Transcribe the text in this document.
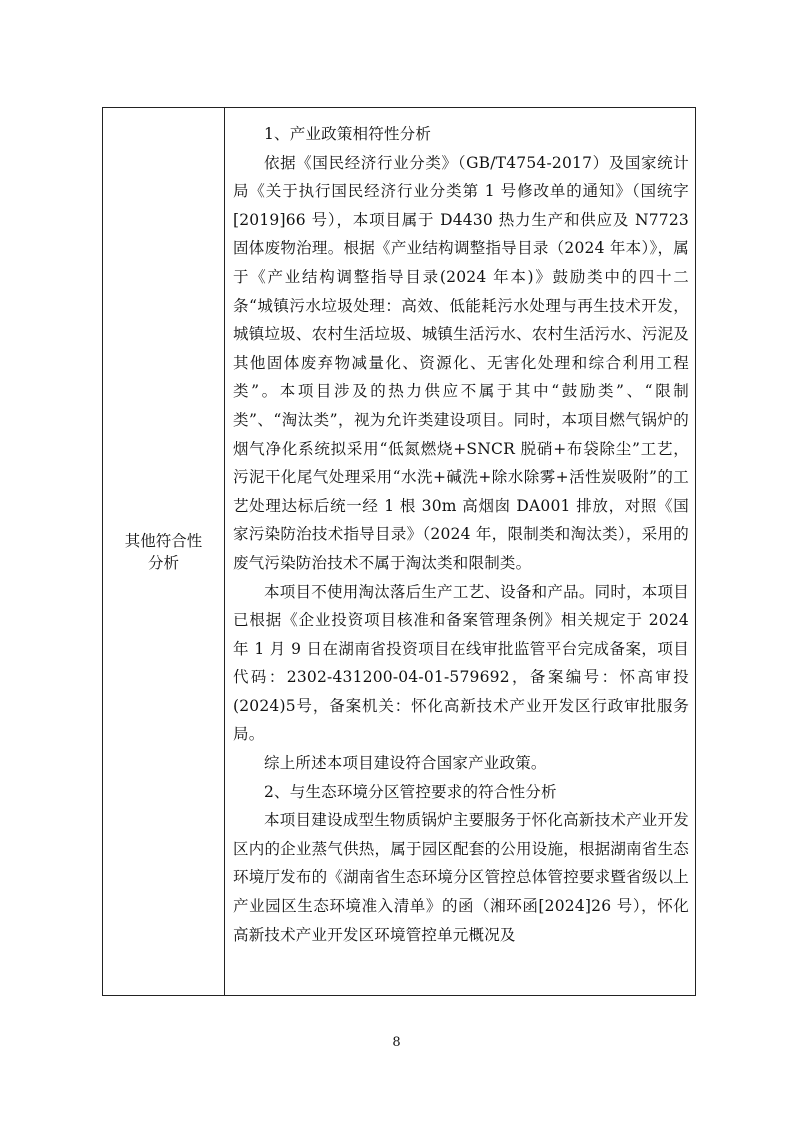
其他符合性
分析

1、产业政策相符性分析

依据《国民经济行业分类》（GB/T4754-2017）及国家统计局《关于执行国民经济行业分类第 1 号修改单的通知》（国统字[2019]66 号），本项目属于 D4430 热力生产和供应及 N7723 固体废物治理。根据《产业结构调整指导目录（2024 年本）》，属于《产业结构调整指导目录(2024 年本)》鼓励类中的四十二条“城镇污水垃圾处理：高效、低能耗污水处理与再生技术开发，城镇垃圾、农村生活垃圾、城镇生活污水、农村生活污水、污泥及其他固体废弃物减量化、资源化、无害化处理和综合利用工程类”。本项目涉及的热力供应不属于其中“鼓励类”、“限制类”、“淘汰类”，视为允许类建设项目。同时，本项目燃气锅炉的烟气净化系统拟采用“低氮燃烧+SNCR 脱硝+布袋除尘”工艺，污泥干化尾气处理采用“水洗+碱洗+除水除雾+活性炭吸附”的工艺处理达标后统一经 1 根 30m 高烟囱 DA001 排放，对照《国家污染防治技术指导目录》（2024 年，限制类和淘汰类），采用的废气污染防治技术不属于淘汰类和限制类。

本项目不使用淘汰落后生产工艺、设备和产品。同时，本项目已根据《企业投资项目核准和备案管理条例》相关规定于 2024 年 1 月 9 日在湖南省投资项目在线审批监管平台完成备案，项目代码：2302-431200-04-01-579692，备案编号：怀高审投(2024)5号，备案机关：怀化高新技术产业开发区行政审批服务局。

综上所述本项目建设符合国家产业政策。

2、与生态环境分区管控要求的符合性分析

本项目建设成型生物质锅炉主要服务于怀化高新技术产业开发区内的企业蒸气供热，属于园区配套的公用设施，根据湖南省生态环境厅发布的《湖南省生态环境分区管控总体管控要求暨省级以上产业园区生态环境准入清单》的函（湘环函[2024]26 号），怀化高新技术产业开发区环境管控单元概况及

8
